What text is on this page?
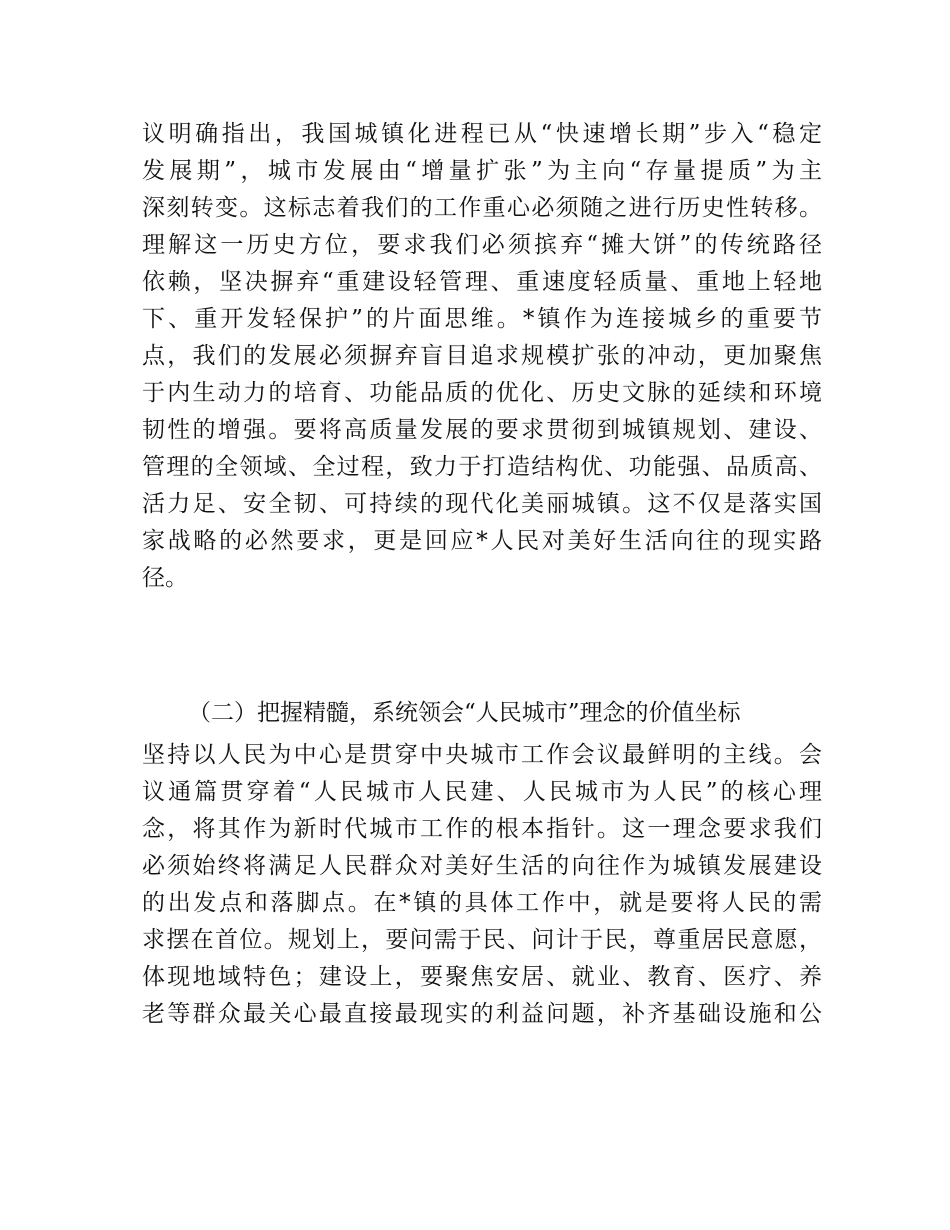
议明确指出，我国城镇化进程已从“快速增长期”步入“稳定
发展期”，城市发展由“增量扩张”为主向“存量提质”为主
深刻转变。这标志着我们的工作重心必须随之进行历史性转移。
理解这一历史方位，要求我们必须摈弃“摊大饼”的传统路径
依赖，坚决摒弃“重建设轻管理、重速度轻质量、重地上轻地
下、重开发轻保护”的片面思维。*镇作为连接城乡的重要节
点，我们的发展必须摒弃盲目追求规模扩张的冲动，更加聚焦
于内生动力的培育、功能品质的优化、历史文脉的延续和环境
韧性的增强。要将高质量发展的要求贯彻到城镇规划、建设、
管理的全领域、全过程，致力于打造结构优、功能强、品质高、
活力足、安全韧、可持续的现代化美丽城镇。这不仅是落实国
家战略的必然要求，更是回应*人民对美好生活向往的现实路
径。
（二）把握精髓，系统领会“人民城市”理念的价值坐标
坚持以人民为中心是贯穿中央城市工作会议最鲜明的主线。会
议通篇贯穿着“人民城市人民建、人民城市为人民”的核心理
念，将其作为新时代城市工作的根本指针。这一理念要求我们
必须始终将满足人民群众对美好生活的向往作为城镇发展建设
的出发点和落脚点。在*镇的具体工作中，就是要将人民的需
求摆在首位。规划上，要问需于民、问计于民，尊重居民意愿，
体现地域特色；建设上，要聚焦安居、就业、教育、医疗、养
老等群众最关心最直接最现实的利益问题，补齐基础设施和公
